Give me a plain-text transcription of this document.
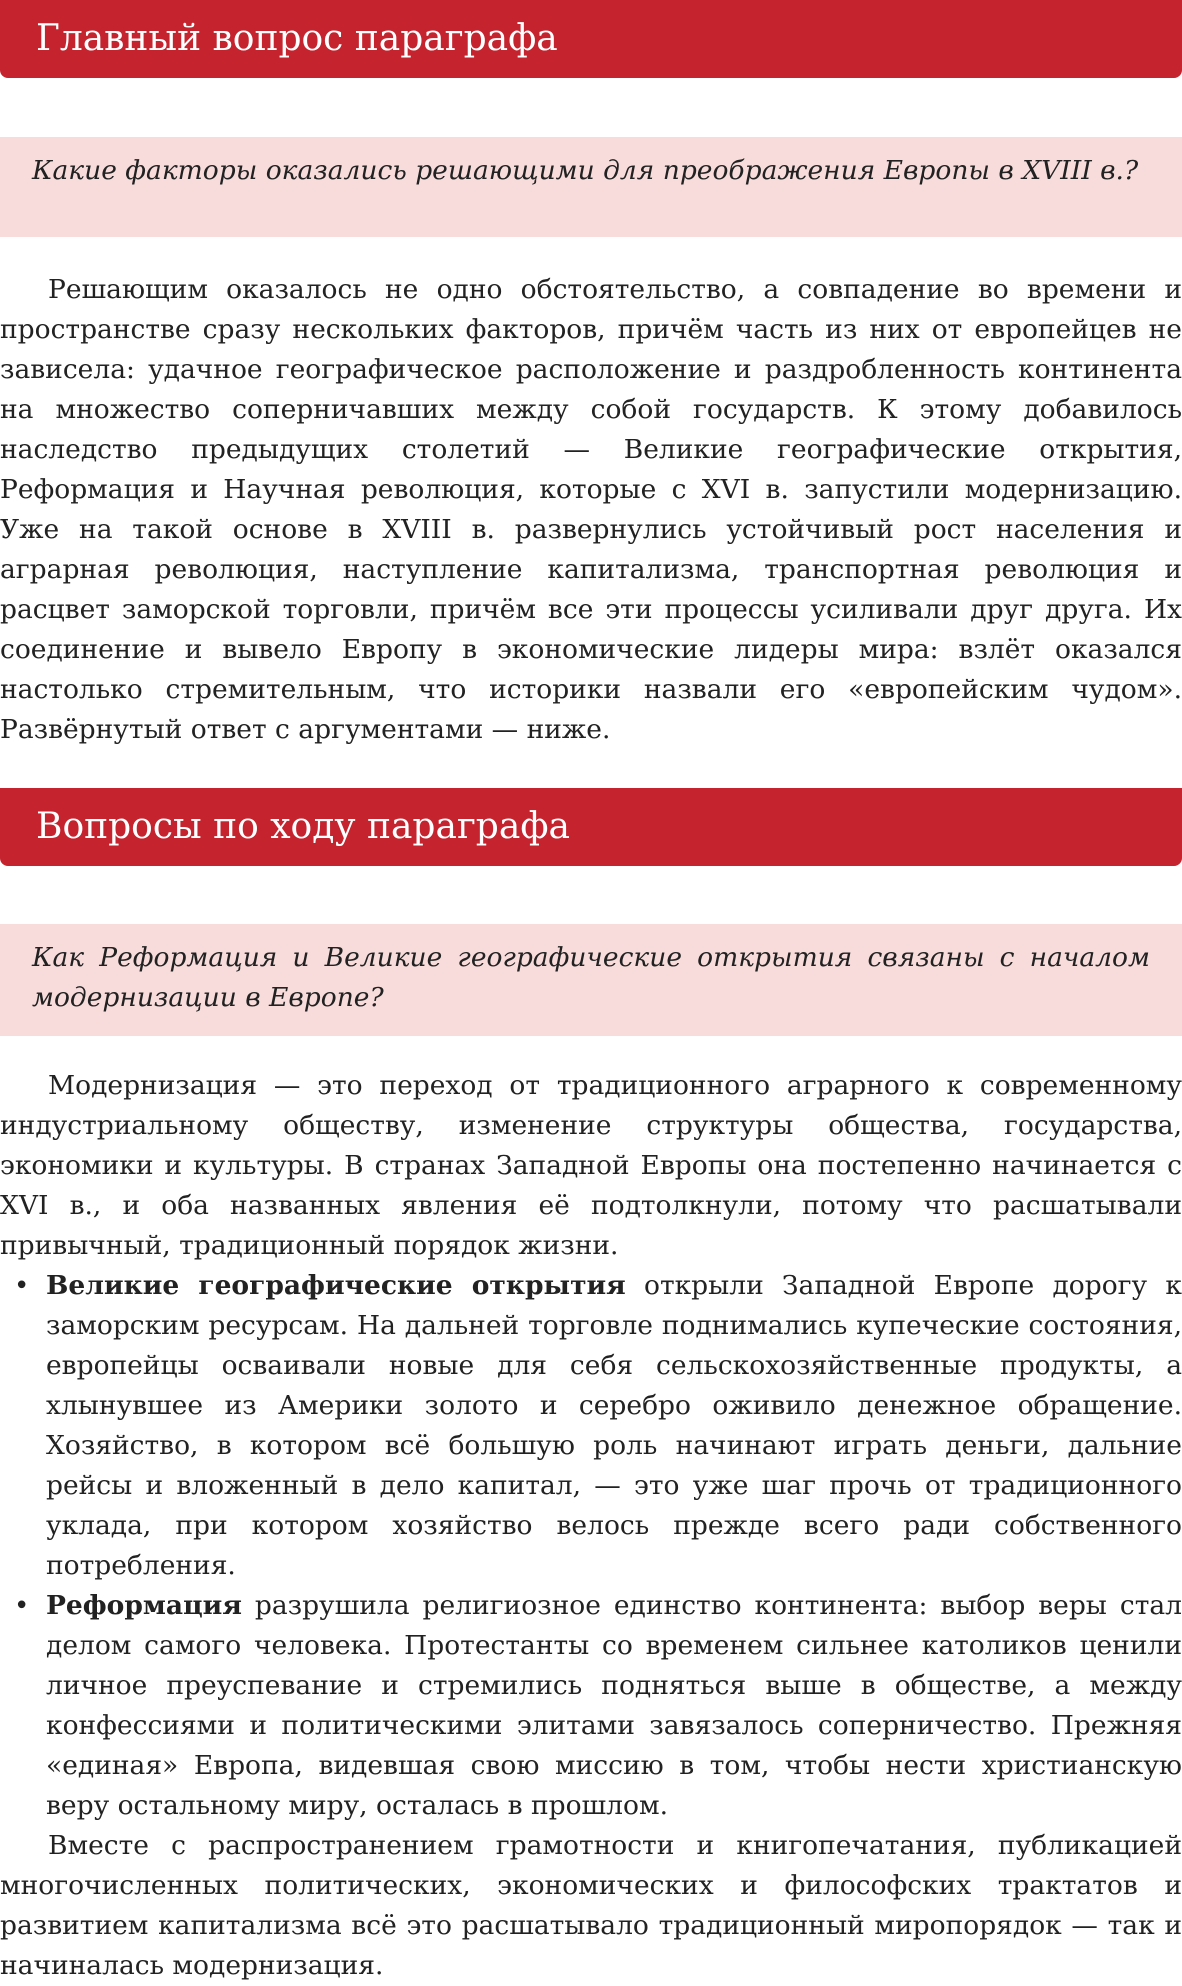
Главный вопрос параграфа
Какие факторы оказались решающими для преображения Европы в XVIII в.?

Решающим оказалось не одно обстоятельство, а совпадение во времени и пространстве сразу нескольких факторов, причём часть из них от европейцев не зависела: удачное географическое расположение и раздробленность континента на множество соперничавших между собой государств. К этому добавилось наследство предыдущих столетий — Великие географические открытия, Реформация и Научная революция, которые с XVI в. запустили модернизацию. Уже на такой основе в XVIII в. развернулись устойчивый рост населения и аграрная революция, наступление капитализма, транспортная революция и расцвет заморской торговли, причём все эти процессы усиливали друг друга. Их соединение и вывело Европу в экономические лидеры мира: взлёт оказался настолько стремительным, что историки назвали его «европейским чудом». Развёрнутый ответ с аргументами — ниже.

Вопросы по ходу параграфа
Как Реформация и Великие географические открытия связаны с началом модернизации в Европе?

Модернизация — это переход от традиционного аграрного к современному индустриальному обществу, изменение структуры общества, государства, экономики и культуры. В странах Западной Европы она постепенно начинается с XVI в., и оба названных явления её подтолкнули, потому что расшатывали привычный, традиционный порядок жизни.

• Великие географические открытия открыли Западной Европе дорогу к заморским ресурсам. На дальней торговле поднимались купеческие состояния, европейцы осваивали новые для себя сельскохозяйственные продукты, а хлынувшее из Америки золото и серебро оживило денежное обращение. Хозяйство, в котором всё большую роль начинают играть деньги, дальние рейсы и вложенный в дело капитал, — это уже шаг прочь от традиционного уклада, при котором хозяйство велось прежде всего ради собственного потребления.
• Реформация разрушила религиозное единство континента: выбор веры стал делом самого человека. Протестанты со временем сильнее католиков ценили личное преуспевание и стремились подняться выше в обществе, а между конфессиями и политическими элитами завязалось соперничество. Прежняя «единая» Европа, видевшая свою миссию в том, чтобы нести христианскую веру остальному миру, осталась в прошлом.

Вместе с распространением грамотности и книгопечатания, публикацией многочисленных политических, экономических и философских трактатов и развитием капитализма всё это расшатывало традиционный миропорядок — так и начиналась модернизация.
